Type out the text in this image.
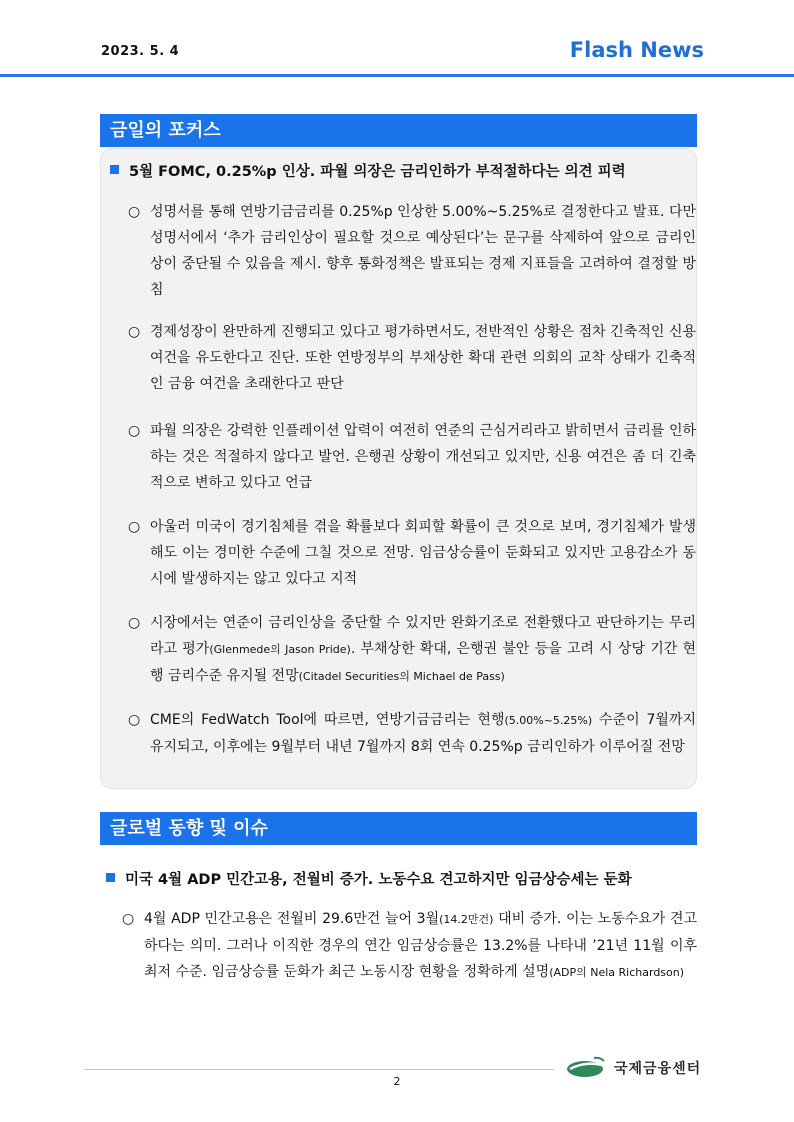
2023. 5. 4	Flash News
금일의 포커스
5월 FOMC, 0.25%p 인상. 파월 의장은 금리인하가 부적절하다는 의견 피력
○ 성명서를 통해 연방기금금리를 0.25%p 인상한 5.00%~5.25%로 결정한다고 발표. 다만 성명서에서 ‘추가 금리인상이 필요할 것으로 예상된다’는 문구를 삭제하여 앞으로 금리인상이 중단될 수 있음을 제시. 향후 통화정책은 발표되는 경제 지표들을 고려하여 결정할 방침
○ 경제성장이 완만하게 진행되고 있다고 평가하면서도, 전반적인 상황은 점차 긴축적인 신용 여건을 유도한다고 진단. 또한 연방정부의 부채상한 확대 관련 의회의 교착 상태가 긴축적인 금융 여건을 초래한다고 판단
○ 파월 의장은 강력한 인플레이션 압력이 여전히 연준의 근심거리라고 밝히면서 금리를 인하하는 것은 적절하지 않다고 발언. 은행권 상황이 개선되고 있지만, 신용 여건은 좀 더 긴축적으로 변하고 있다고 언급
○ 아울러 미국이 경기침체를 겪을 확률보다 회피할 확률이 큰 것으로 보며, 경기침체가 발생해도 이는 경미한 수준에 그칠 것으로 전망. 임금상승률이 둔화되고 있지만 고용감소가 동시에 발생하지는 않고 있다고 지적
○ 시장에서는 연준이 금리인상을 중단할 수 있지만 완화기조로 전환했다고 판단하기는 무리라고 평가(Glenmede의 Jason Pride). 부채상한 확대, 은행권 불안 등을 고려 시 상당 기간 현행 금리수준 유지될 전망(Citadel Securities의 Michael de Pass)
○ CME의 FedWatch Tool에 따르면, 연방기금금리는 현행(5.00%~5.25%) 수준이 7월까지 유지되고, 이후에는 9월부터 내년 7월까지 8회 연속 0.25%p 금리인하가 이루어질 전망
글로벌 동향 및 이슈
미국 4월 ADP 민간고용, 전월비 증가. 노동수요 견고하지만 임금상승세는 둔화
○ 4월 ADP 민간고용은 전월비 29.6만건 늘어 3월(14.2만건) 대비 증가. 이는 노동수요가 견고하다는 의미. 그러나 이직한 경우의 연간 임금상승률은 13.2%를 나타내 ’21년 11월 이후 최저 수준. 임금상승률 둔화가 최근 노동시장 현황을 정확하게 설명(ADP의 Nela Richardson)
2
국제금융센터
